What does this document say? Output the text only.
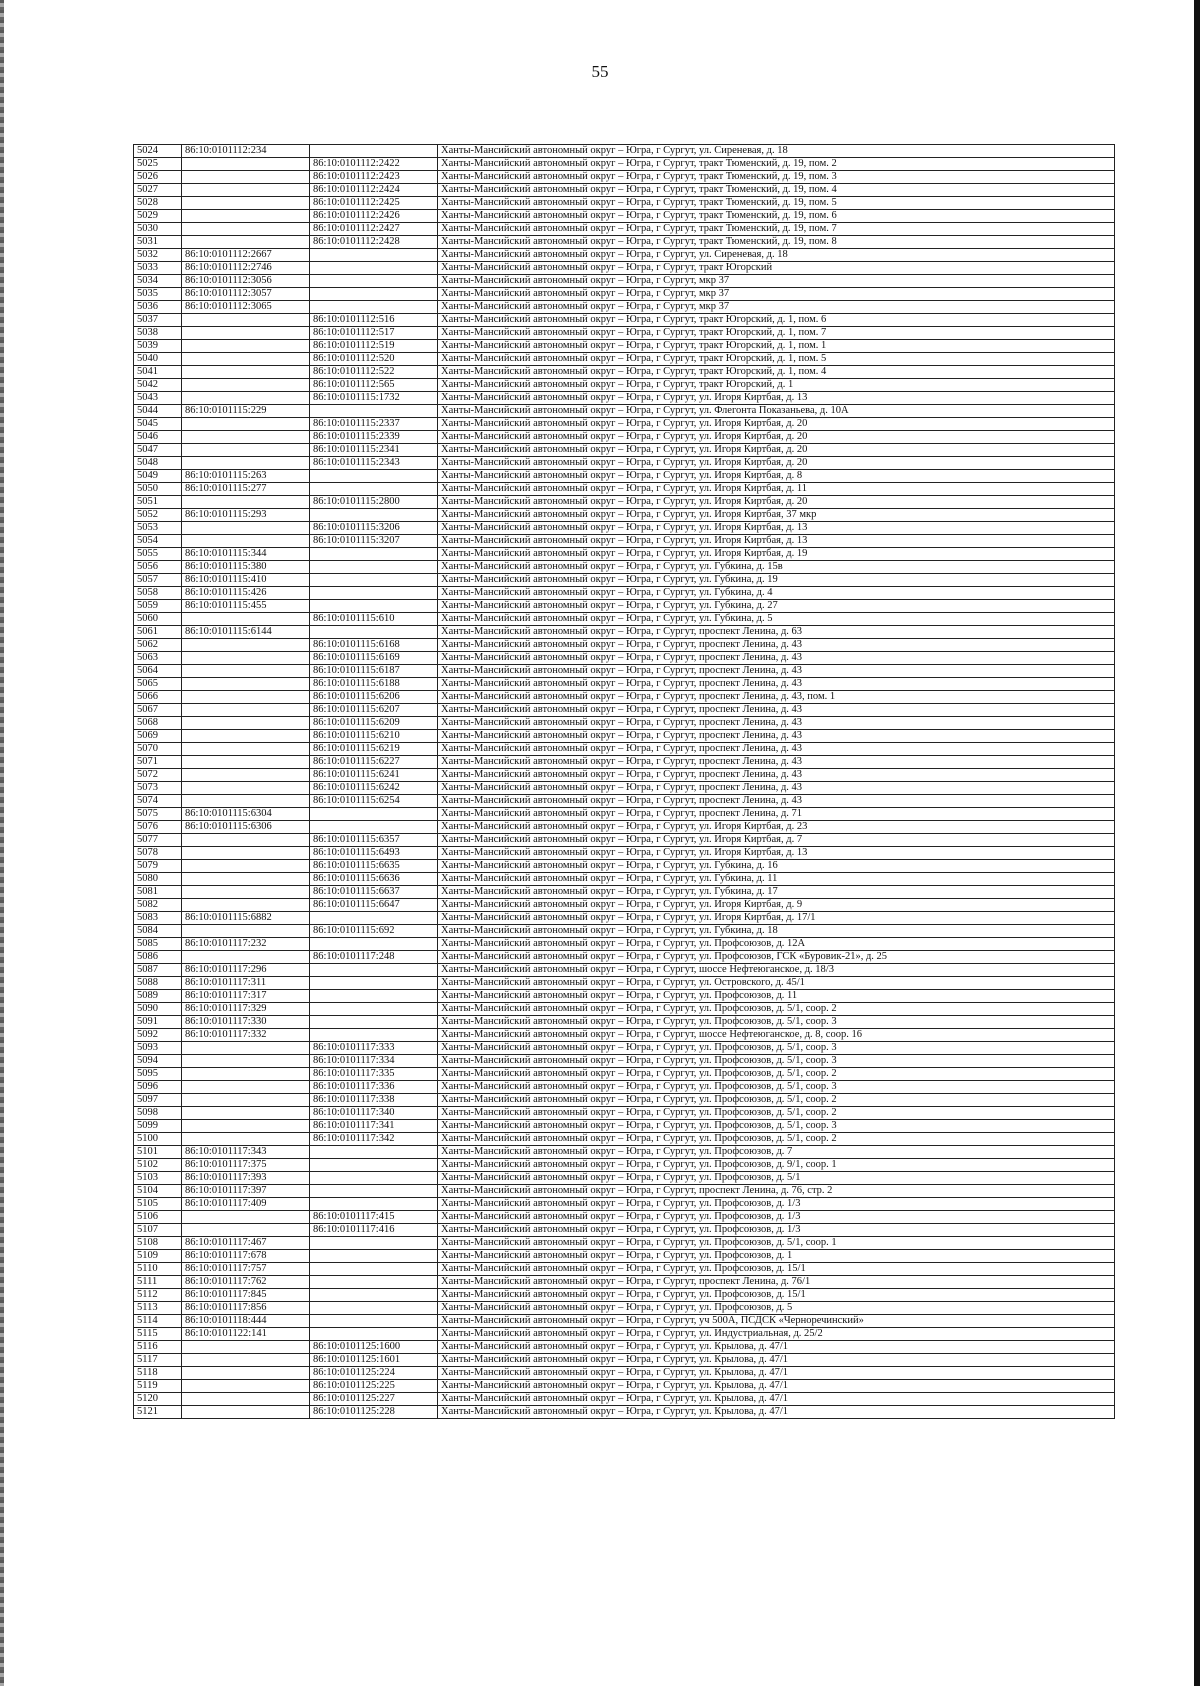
55
5024	86:10:0101112:234		Ханты-Мансийский автономный округ – Югра, г Сургут, ул. Сиреневая, д. 18
5025		86:10:0101112:2422	Ханты-Мансийский автономный округ – Югра, г Сургут, тракт Тюменский, д. 19, пом. 2
5026		86:10:0101112:2423	Ханты-Мансийский автономный округ – Югра, г Сургут, тракт Тюменский, д. 19, пом. 3
5027		86:10:0101112:2424	Ханты-Мансийский автономный округ – Югра, г Сургут, тракт Тюменский, д. 19, пом. 4
5028		86:10:0101112:2425	Ханты-Мансийский автономный округ – Югра, г Сургут, тракт Тюменский, д. 19, пом. 5
5029		86:10:0101112:2426	Ханты-Мансийский автономный округ – Югра, г Сургут, тракт Тюменский, д. 19, пом. 6
5030		86:10:0101112:2427	Ханты-Мансийский автономный округ – Югра, г Сургут, тракт Тюменский, д. 19, пом. 7
5031		86:10:0101112:2428	Ханты-Мансийский автономный округ – Югра, г Сургут, тракт Тюменский, д. 19, пом. 8
5032	86:10:0101112:2667		Ханты-Мансийский автономный округ – Югра, г Сургут, ул. Сиреневая, д. 18
5033	86:10:0101112:2746		Ханты-Мансийский автономный округ – Югра, г Сургут, тракт Югорский
5034	86:10:0101112:3056		Ханты-Мансийский автономный округ – Югра, г Сургут, мкр 37
5035	86:10:0101112:3057		Ханты-Мансийский автономный округ – Югра, г Сургут, мкр 37
5036	86:10:0101112:3065		Ханты-Мансийский автономный округ – Югра, г Сургут, мкр 37
5037		86:10:0101112:516	Ханты-Мансийский автономный округ – Югра, г Сургут, тракт Югорский, д. 1, пом. 6
5038		86:10:0101112:517	Ханты-Мансийский автономный округ – Югра, г Сургут, тракт Югорский, д. 1, пом. 7
5039		86:10:0101112:519	Ханты-Мансийский автономный округ – Югра, г Сургут, тракт Югорский, д. 1, пом. 1
5040		86:10:0101112:520	Ханты-Мансийский автономный округ – Югра, г Сургут, тракт Югорский, д. 1, пом. 5
5041		86:10:0101112:522	Ханты-Мансийский автономный округ – Югра, г Сургут, тракт Югорский, д. 1, пом. 4
5042		86:10:0101112:565	Ханты-Мансийский автономный округ – Югра, г Сургут, тракт Югорский, д. 1
5043		86:10:0101115:1732	Ханты-Мансийский автономный округ – Югра, г Сургут, ул. Игоря Киртбая, д. 13
5044	86:10:0101115:229		Ханты-Мансийский автономный округ – Югра, г Сургут, ул. Флегонта Показаньева, д. 10А
5045		86:10:0101115:2337	Ханты-Мансийский автономный округ – Югра, г Сургут, ул. Игоря Киртбая, д. 20
5046		86:10:0101115:2339	Ханты-Мансийский автономный округ – Югра, г Сургут, ул. Игоря Киртбая, д. 20
5047		86:10:0101115:2341	Ханты-Мансийский автономный округ – Югра, г Сургут, ул. Игоря Киртбая, д. 20
5048		86:10:0101115:2343	Ханты-Мансийский автономный округ – Югра, г Сургут, ул. Игоря Киртбая, д. 20
5049	86:10:0101115:263		Ханты-Мансийский автономный округ – Югра, г Сургут, ул. Игоря Киртбая, д. 8
5050	86:10:0101115:277		Ханты-Мансийский автономный округ – Югра, г Сургут, ул. Игоря Киртбая, д. 11
5051		86:10:0101115:2800	Ханты-Мансийский автономный округ – Югра, г Сургут, ул. Игоря Киртбая, д. 20
5052	86:10:0101115:293		Ханты-Мансийский автономный округ – Югра, г Сургут, ул. Игоря Киртбая, 37 мкр
5053		86:10:0101115:3206	Ханты-Мансийский автономный округ – Югра, г Сургут, ул. Игоря Киртбая, д. 13
5054		86:10:0101115:3207	Ханты-Мансийский автономный округ – Югра, г Сургут, ул. Игоря Киртбая, д. 13
5055	86:10:0101115:344		Ханты-Мансийский автономный округ – Югра, г Сургут, ул. Игоря Киртбая, д. 19
5056	86:10:0101115:380		Ханты-Мансийский автономный округ – Югра, г Сургут, ул. Губкина, д. 15в
5057	86:10:0101115:410		Ханты-Мансийский автономный округ – Югра, г Сургут, ул. Губкина, д. 19
5058	86:10:0101115:426		Ханты-Мансийский автономный округ – Югра, г Сургут, ул. Губкина, д. 4
5059	86:10:0101115:455		Ханты-Мансийский автономный округ – Югра, г Сургут, ул. Губкина, д. 27
5060		86:10:0101115:610	Ханты-Мансийский автономный округ – Югра, г Сургут, ул. Губкина, д. 5
5061	86:10:0101115:6144		Ханты-Мансийский автономный округ – Югра, г Сургут, проспект Ленина, д. 63
5062		86:10:0101115:6168	Ханты-Мансийский автономный округ – Югра, г Сургут, проспект Ленина, д. 43
5063		86:10:0101115:6169	Ханты-Мансийский автономный округ – Югра, г Сургут, проспект Ленина, д. 43
5064		86:10:0101115:6187	Ханты-Мансийский автономный округ – Югра, г Сургут, проспект Ленина, д. 43
5065		86:10:0101115:6188	Ханты-Мансийский автономный округ – Югра, г Сургут, проспект Ленина, д. 43
5066		86:10:0101115:6206	Ханты-Мансийский автономный округ – Югра, г Сургут, проспект Ленина, д. 43, пом. 1
5067		86:10:0101115:6207	Ханты-Мансийский автономный округ – Югра, г Сургут, проспект Ленина, д. 43
5068		86:10:0101115:6209	Ханты-Мансийский автономный округ – Югра, г Сургут, проспект Ленина, д. 43
5069		86:10:0101115:6210	Ханты-Мансийский автономный округ – Югра, г Сургут, проспект Ленина, д. 43
5070		86:10:0101115:6219	Ханты-Мансийский автономный округ – Югра, г Сургут, проспект Ленина, д. 43
5071		86:10:0101115:6227	Ханты-Мансийский автономный округ – Югра, г Сургут, проспект Ленина, д. 43
5072		86:10:0101115:6241	Ханты-Мансийский автономный округ – Югра, г Сургут, проспект Ленина, д. 43
5073		86:10:0101115:6242	Ханты-Мансийский автономный округ – Югра, г Сургут, проспект Ленина, д. 43
5074		86:10:0101115:6254	Ханты-Мансийский автономный округ – Югра, г Сургут, проспект Ленина, д. 43
5075	86:10:0101115:6304		Ханты-Мансийский автономный округ – Югра, г Сургут, проспект Ленина, д. 71
5076	86:10:0101115:6306		Ханты-Мансийский автономный округ – Югра, г Сургут, ул. Игоря Киртбая, д. 23
5077		86:10:0101115:6357	Ханты-Мансийский автономный округ – Югра, г Сургут, ул. Игоря Киртбая, д. 7
5078		86:10:0101115:6493	Ханты-Мансийский автономный округ – Югра, г Сургут, ул. Игоря Киртбая, д. 13
5079		86:10:0101115:6635	Ханты-Мансийский автономный округ – Югра, г Сургут, ул. Губкина, д. 16
5080		86:10:0101115:6636	Ханты-Мансийский автономный округ – Югра, г Сургут, ул. Губкина, д. 11
5081		86:10:0101115:6637	Ханты-Мансийский автономный округ – Югра, г Сургут, ул. Губкина, д. 17
5082		86:10:0101115:6647	Ханты-Мансийский автономный округ – Югра, г Сургут, ул. Игоря Киртбая, д. 9
5083	86:10:0101115:6882		Ханты-Мансийский автономный округ – Югра, г Сургут, ул. Игоря Киртбая, д. 17/1
5084		86:10:0101115:692	Ханты-Мансийский автономный округ – Югра, г Сургут, ул. Губкина, д. 18
5085	86:10:0101117:232		Ханты-Мансийский автономный округ – Югра, г Сургут, ул. Профсоюзов, д. 12А
5086		86:10:0101117:248	Ханты-Мансийский автономный округ – Югра, г Сургут, ул. Профсоюзов, ГСК «Буровик-21», д. 25
5087	86:10:0101117:296		Ханты-Мансийский автономный округ – Югра, г Сургут, шоссе Нефтеюганское, д. 18/3
5088	86:10:0101117:311		Ханты-Мансийский автономный округ – Югра, г Сургут, ул. Островского, д. 45/1
5089	86:10:0101117:317		Ханты-Мансийский автономный округ – Югра, г Сургут, ул. Профсоюзов, д. 11
5090	86:10:0101117:329		Ханты-Мансийский автономный округ – Югра, г Сургут, ул. Профсоюзов, д. 5/1, соор. 2
5091	86:10:0101117:330		Ханты-Мансийский автономный округ – Югра, г Сургут, ул. Профсоюзов, д. 5/1, соор. 3
5092	86:10:0101117:332		Ханты-Мансийский автономный округ – Югра, г Сургут, шоссе Нефтеюганское, д. 8, соор. 16
5093		86:10:0101117:333	Ханты-Мансийский автономный округ – Югра, г Сургут, ул. Профсоюзов, д. 5/1, соор. 3
5094		86:10:0101117:334	Ханты-Мансийский автономный округ – Югра, г Сургут, ул. Профсоюзов, д. 5/1, соор. 3
5095		86:10:0101117:335	Ханты-Мансийский автономный округ – Югра, г Сургут, ул. Профсоюзов, д. 5/1, соор. 2
5096		86:10:0101117:336	Ханты-Мансийский автономный округ – Югра, г Сургут, ул. Профсоюзов, д. 5/1, соор. 3
5097		86:10:0101117:338	Ханты-Мансийский автономный округ – Югра, г Сургут, ул. Профсоюзов, д. 5/1, соор. 2
5098		86:10:0101117:340	Ханты-Мансийский автономный округ – Югра, г Сургут, ул. Профсоюзов, д. 5/1, соор. 2
5099		86:10:0101117:341	Ханты-Мансийский автономный округ – Югра, г Сургут, ул. Профсоюзов, д. 5/1, соор. 3
5100		86:10:0101117:342	Ханты-Мансийский автономный округ – Югра, г Сургут, ул. Профсоюзов, д. 5/1, соор. 2
5101	86:10:0101117:343		Ханты-Мансийский автономный округ – Югра, г Сургут, ул. Профсоюзов, д. 7
5102	86:10:0101117:375		Ханты-Мансийский автономный округ – Югра, г Сургут, ул. Профсоюзов, д. 9/1, соор. 1
5103	86:10:0101117:393		Ханты-Мансийский автономный округ – Югра, г Сургут, ул. Профсоюзов, д. 5/1
5104	86:10:0101117:397		Ханты-Мансийский автономный округ – Югра, г Сургут, проспект Ленина, д. 76, стр. 2
5105	86:10:0101117:409		Ханты-Мансийский автономный округ – Югра, г Сургут, ул. Профсоюзов, д. 1/3
5106		86:10:0101117:415	Ханты-Мансийский автономный округ – Югра, г Сургут, ул. Профсоюзов, д. 1/3
5107		86:10:0101117:416	Ханты-Мансийский автономный округ – Югра, г Сургут, ул. Профсоюзов, д. 1/3
5108	86:10:0101117:467		Ханты-Мансийский автономный округ – Югра, г Сургут, ул. Профсоюзов, д. 5/1, соор. 1
5109	86:10:0101117:678		Ханты-Мансийский автономный округ – Югра, г Сургут, ул. Профсоюзов, д. 1
5110	86:10:0101117:757		Ханты-Мансийский автономный округ – Югра, г Сургут, ул. Профсоюзов, д. 15/1
5111	86:10:0101117:762		Ханты-Мансийский автономный округ – Югра, г Сургут, проспект Ленина, д. 76/1
5112	86:10:0101117:845		Ханты-Мансийский автономный округ – Югра, г Сургут, ул. Профсоюзов, д. 15/1
5113	86:10:0101117:856		Ханты-Мансийский автономный округ – Югра, г Сургут, ул. Профсоюзов, д. 5
5114	86:10:0101118:444		Ханты-Мансийский автономный округ – Югра, г Сургут, уч 500А, ПСДСК «Черноречинский»
5115	86:10:0101122:141		Ханты-Мансийский автономный округ – Югра, г Сургут, ул. Индустриальная, д. 25/2
5116		86:10:0101125:1600	Ханты-Мансийский автономный округ – Югра, г Сургут, ул. Крылова, д. 47/1
5117		86:10:0101125:1601	Ханты-Мансийский автономный округ – Югра, г Сургут, ул. Крылова, д. 47/1
5118		86:10:0101125:224	Ханты-Мансийский автономный округ – Югра, г Сургут, ул. Крылова, д. 47/1
5119		86:10:0101125:225	Ханты-Мансийский автономный округ – Югра, г Сургут, ул. Крылова, д. 47/1
5120		86:10:0101125:227	Ханты-Мансийский автономный округ – Югра, г Сургут, ул. Крылова, д. 47/1
5121		86:10:0101125:228	Ханты-Мансийский автономный округ – Югра, г Сургут, ул. Крылова, д. 47/1
